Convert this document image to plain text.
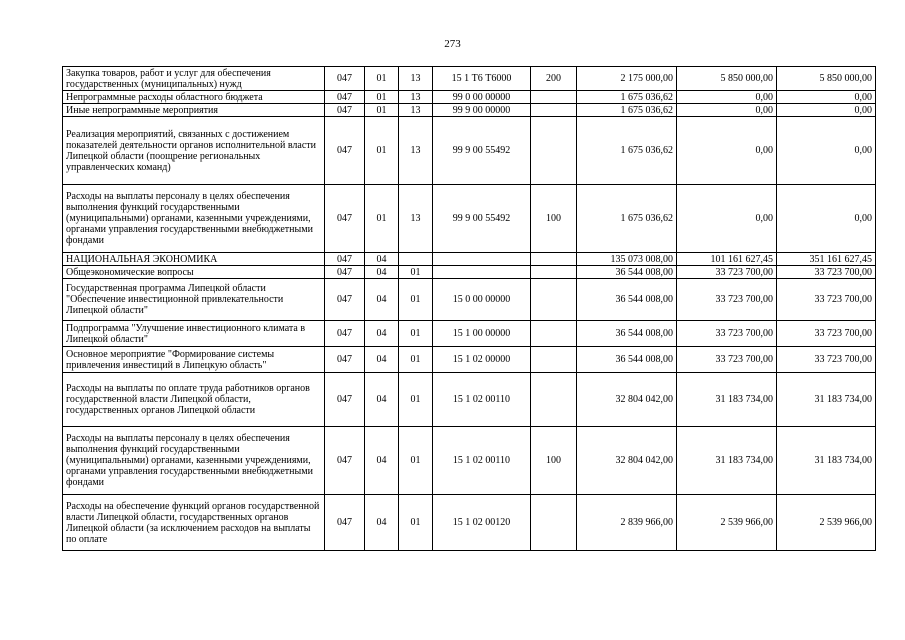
273
Закупка товаров, работ и услуг для обеспечения государственных (муниципальных) нужд	047	01	13	15 1 Т6 Т6000	200	2 175 000,00	5 850 000,00	5 850 000,00
Непрограммные расходы областного бюджета	047	01	13	99 0 00 00000		1 675 036,62	0,00	0,00
Иные непрограммные мероприятия	047	01	13	99 9 00 00000		1 675 036,62	0,00	0,00
Реализация мероприятий, связанных с достижением показателей деятельности органов исполнительной власти Липецкой области (поощрение региональных управленческих команд)	047	01	13	99 9 00 55492		1 675 036,62	0,00	0,00
Расходы на выплаты персоналу в целях обеспечения выполнения функций государственными (муниципальными) органами, казенными учреждениями, органами управления государственными внебюджетными фондами	047	01	13	99 9 00 55492	100	1 675 036,62	0,00	0,00
НАЦИОНАЛЬНАЯ ЭКОНОМИКА	047	04				135 073 008,00	101 161 627,45	351 161 627,45
Общеэкономические вопросы	047	04	01			36 544 008,00	33 723 700,00	33 723 700,00
Государственная программа Липецкой области "Обеспечение инвестиционной привлекательности Липецкой области"	047	04	01	15 0 00 00000		36 544 008,00	33 723 700,00	33 723 700,00
Подпрограмма "Улучшение инвестиционного климата в Липецкой области"	047	04	01	15 1 00 00000		36 544 008,00	33 723 700,00	33 723 700,00
Основное мероприятие "Формирование системы привлечения инвестиций в Липецкую область"	047	04	01	15 1 02 00000		36 544 008,00	33 723 700,00	33 723 700,00
Расходы на выплаты по оплате труда работников органов государственной власти Липецкой области, государственных органов Липецкой области	047	04	01	15 1 02 00110		32 804 042,00	31 183 734,00	31 183 734,00
Расходы на выплаты персоналу в целях обеспечения выполнения функций государственными (муниципальными) органами, казенными учреждениями, органами управления государственными внебюджетными фондами	047	04	01	15 1 02 00110	100	32 804 042,00	31 183 734,00	31 183 734,00
Расходы на обеспечение функций органов государственной власти Липецкой области, государственных органов Липецкой области (за исключением расходов на выплаты по оплате	047	04	01	15 1 02 00120		2 839 966,00	2 539 966,00	2 539 966,00
